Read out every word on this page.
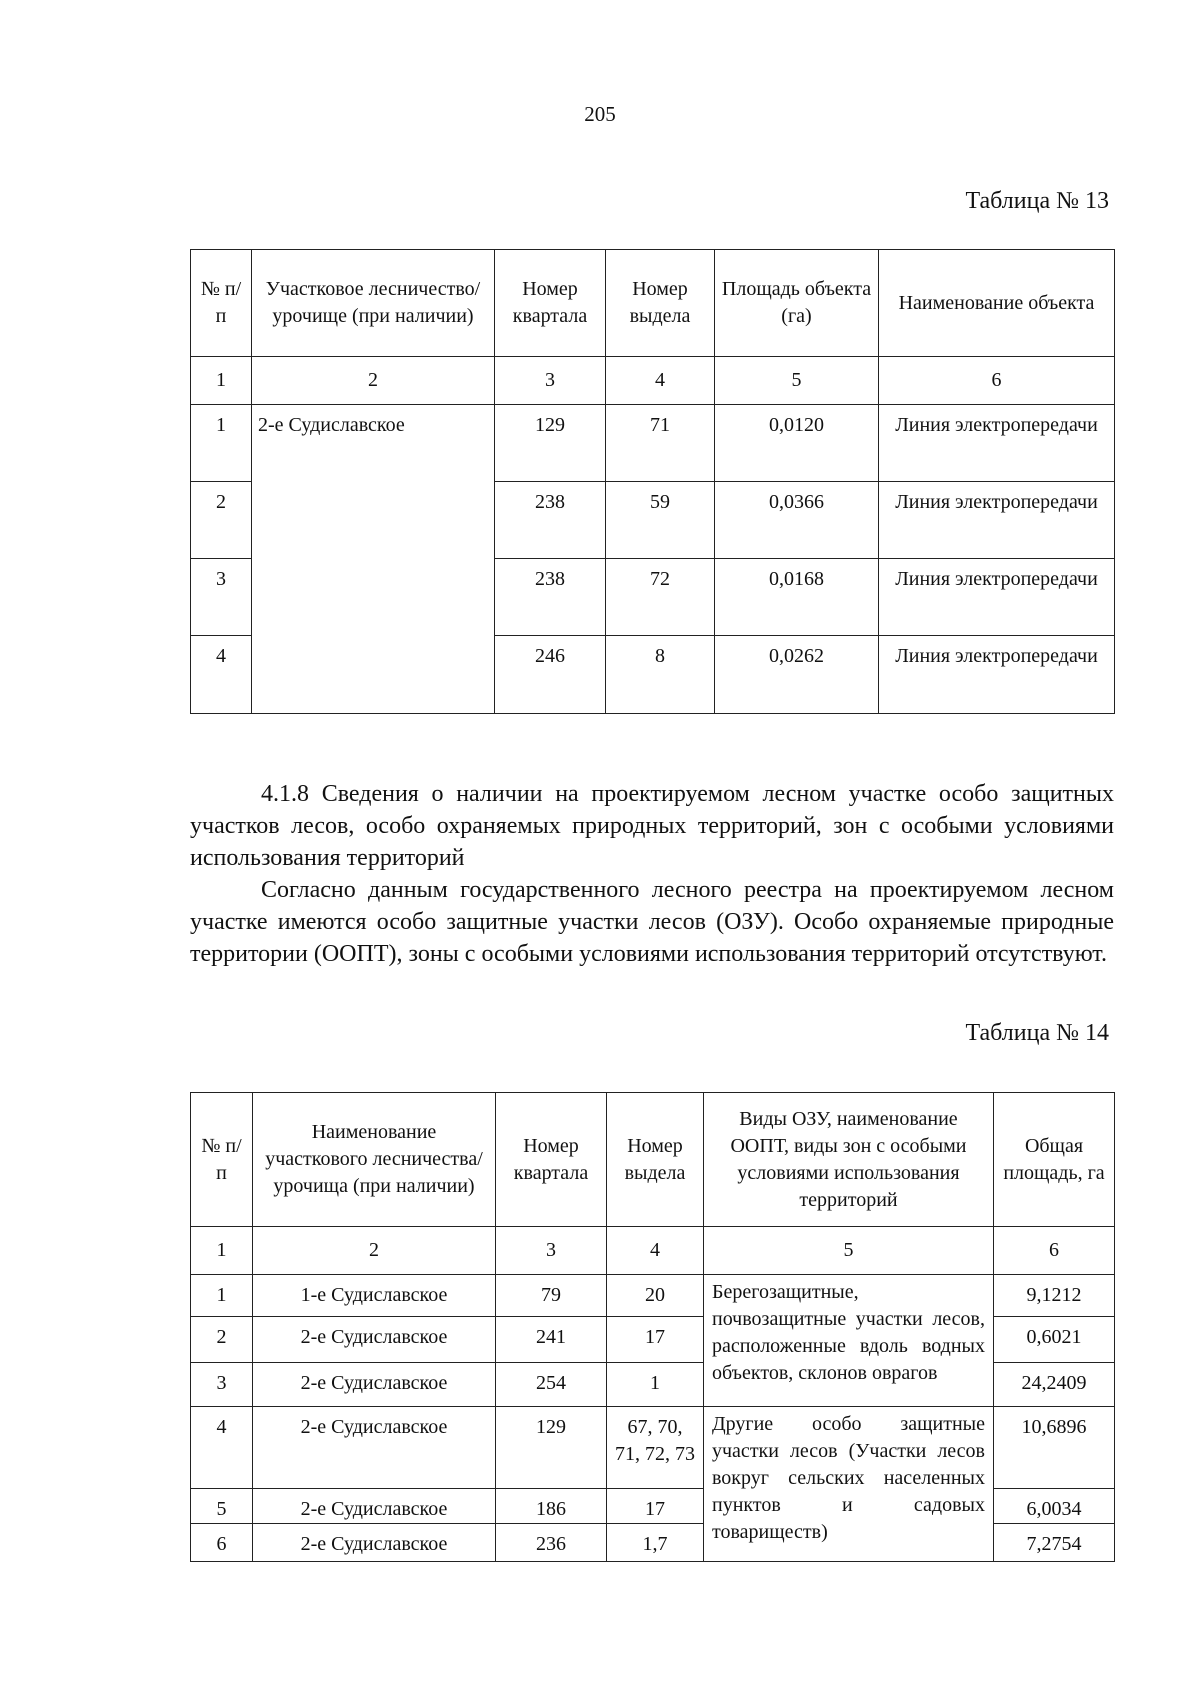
205
Таблица № 13
№ п/п	Участковое лесничество/урочище (при наличии)	Номер квартала	Номер выдела	Площадь объекта (га)	Наименование объекта
1	2	3	4	5	6
1	2-е Судиславское	129	71	0,0120	Линия электропередачи
2		238	59	0,0366	Линия электропередачи
3		238	72	0,0168	Линия электропередачи
4		246	8	0,0262	Линия электропередачи

4.1.8 Сведения о наличии на проектируемом лесном участке особо защитных участков лесов, особо охраняемых природных территорий, зон с особыми условиями использования территорий

Согласно данным государственного лесного реестра на проектируемом лесном участке имеются особо защитные участки лесов (ОЗУ). Особо охраняемые природные территории (ООПТ), зоны с особыми условиями использования территорий отсутствуют.

Таблица № 14
№ п/п	Наименование участкового лесничества/урочища (при наличии)	Номер квартала	Номер выдела	Виды ОЗУ, наименование ООПТ, виды зон с особыми условиями использования территорий	Общая площадь, га
1	2	3	4	5	6
1	1-е Судиславское	79	20	Берегозащитные, почвозащитные участки лесов, расположенные вдоль водных объектов, склонов оврагов	9,1212
2	2-е Судиславское	241	17		0,6021
3	2-е Судиславское	254	1		24,2409
4	2-е Судиславское	129	67, 70, 71, 72, 73	Другие особо защитные участки лесов (Участки лесов вокруг сельских населенных пунктов и садовых товариществ)	10,6896
5	2-е Судиславское	186	17		6,0034
6	2-е Судиславское	236	1,7		7,2754
